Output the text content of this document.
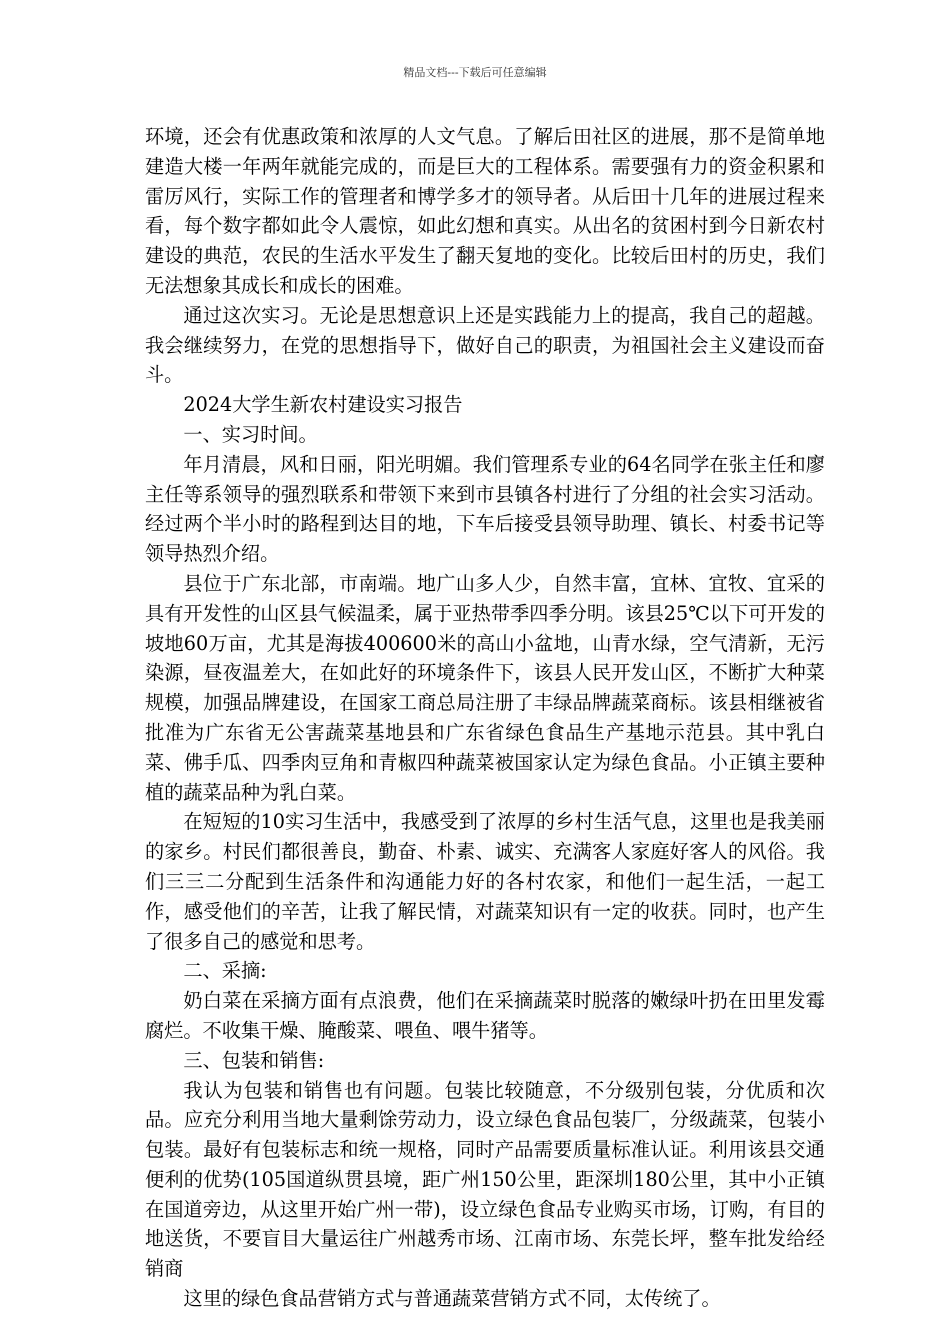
精品文档---下载后可任意编辑

环境，还会有优惠政策和浓厚的人文气息。了解后田社区的进展，那不是简单地建造大楼一年两年就能完成的，而是巨大的工程体系。需要强有力的资金积累和雷厉风行，实际工作的管理者和博学多才的领导者。从后田十几年的进展过程来看，每个数字都如此令人震惊，如此幻想和真实。从出名的贫困村到今日新农村建设的典范，农民的生活水平发生了翻天复地的变化。比较后田村的历史，我们无法想象其成长和成长的困难。

通过这次实习。无论是思想意识上还是实践能力上的提高，我自己的超越。我会继续努力，在党的思想指导下，做好自己的职责，为祖国社会主义建设而奋斗。

2024大学生新农村建设实习报告

一、实习时间。

年月清晨，风和日丽，阳光明媚。我们管理系专业的64名同学在张主任和廖主任等系领导的强烈联系和带领下来到市县镇各村进行了分组的社会实习活动。经过两个半小时的路程到达目的地，下车后接受县领导助理、镇长、村委书记等领导热烈介绍。

县位于广东北部，市南端。地广山多人少，自然丰富，宜林、宜牧、宜采的具有开发性的山区县气候温柔，属于亚热带季四季分明。该县25℃以下可开发的坡地60万亩，尤其是海拔400600米的高山小盆地，山青水绿，空气清新，无污染源，昼夜温差大，在如此好的环境条件下，该县人民开发山区，不断扩大种菜规模，加强品牌建设，在国家工商总局注册了丰绿品牌蔬菜商标。该县相继被省批准为广东省无公害蔬菜基地县和广东省绿色食品生产基地示范县。其中乳白菜、佛手瓜、四季肉豆角和青椒四种蔬菜被国家认定为绿色食品。小正镇主要种植的蔬菜品种为乳白菜。

在短短的10实习生活中，我感受到了浓厚的乡村生活气息，这里也是我美丽的家乡。村民们都很善良，勤奋、朴素、诚实、充满客人家庭好客人的风俗。我们三三二分配到生活条件和沟通能力好的各村农家，和他们一起生活，一起工作，感受他们的辛苦，让我了解民情，对蔬菜知识有一定的收获。同时，也产生了很多自己的感觉和思考。

二、采摘:

奶白菜在采摘方面有点浪费，他们在采摘蔬菜时脱落的嫩绿叶扔在田里发霉腐烂。不收集干燥、腌酸菜、喂鱼、喂牛猪等。

三、包装和销售:

我认为包装和销售也有问题。包装比较随意，不分级别包装，分优质和次品。应充分利用当地大量剩馀劳动力，设立绿色食品包装厂，分级蔬菜，包装小包装。最好有包装标志和统一规格，同时产品需要质量标准认证。利用该县交通便利的优势(105国道纵贯县境，距广州150公里，距深圳180公里，其中小正镇在国道旁边，从这里开始广州一带)，设立绿色食品专业购买市场，订购，有目的地送货，不要盲目大量运往广州越秀市场、江南市场、东莞长坪，整车批发给经销商

这里的绿色食品营销方式与普通蔬菜营销方式不同，太传统了。
